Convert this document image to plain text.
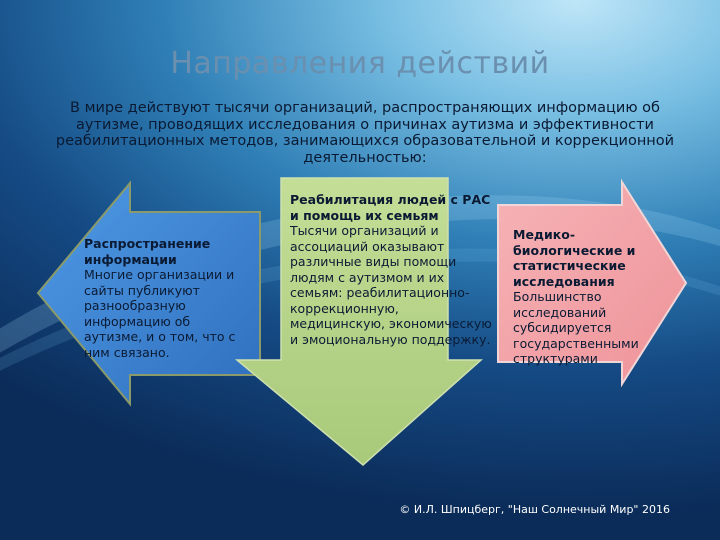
Направления действий
В мире действуют тысячи организаций, распространяющих информацию об аутизме, проводящих исследования о причинах аутизма и эффективности реабилитационных методов, занимающихся образовательной и коррекционной деятельностью:
Распространение информации
Многие организации и сайты публикуют разнообразную информацию об аутизме, и о том, что с ним связано.
Реабилитация людей с РАС и помощь их семьям
Тысячи организаций и ассоциаций оказывают различные виды помощи людям с аутизмом и их семьям: реабилитационно-коррекционную, медицинскую, экономическую и эмоциональную поддержку.
Медико-биологические и статистические исследования
Большинство исследований субсидируется государственными структурами
© И.Л. Шпицберг, "Наш Солнечный Мир" 2016
